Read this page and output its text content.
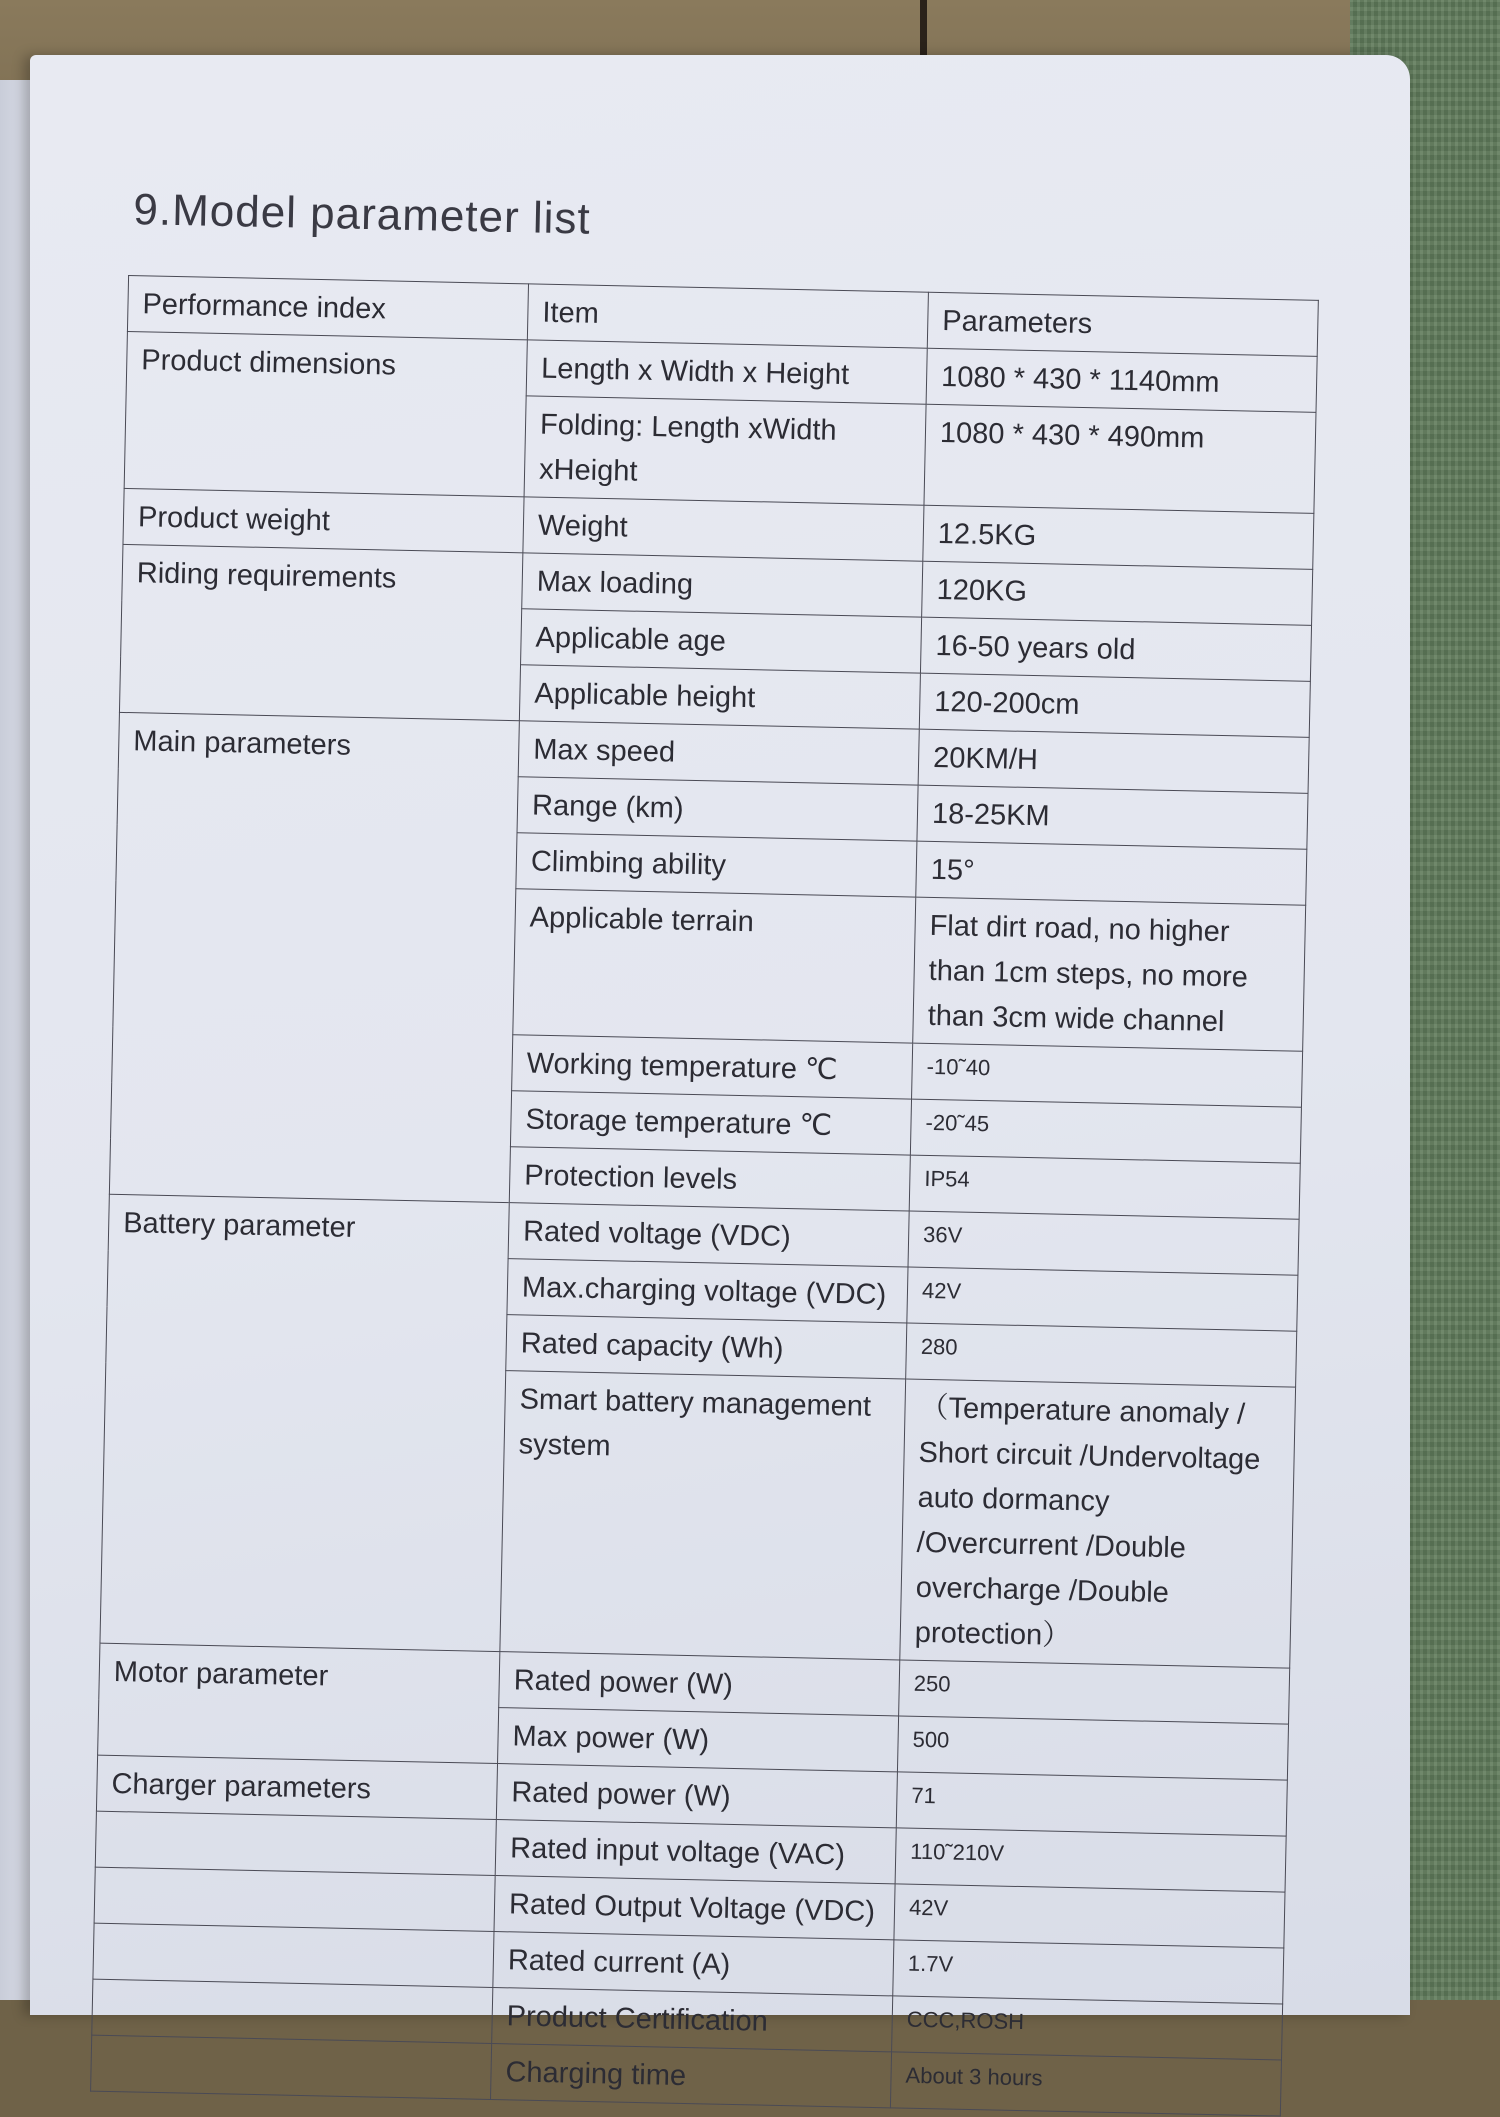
9.Model parameter list
Performance index	Item	Parameters
Product dimensions	Length x Width x Height	1080 * 430 * 1140mm
	Folding: Length xWidth xHeight	1080 * 430 * 490mm
Product weight	Weight	12.5KG
Riding requirements	Max loading	120KG
	Applicable age	16-50 years old
	Applicable height	120-200cm
Main parameters	Max speed	20KM/H
	Range (km)	18-25KM
	Climbing ability	15°
	Applicable terrain	Flat dirt road, no higher than 1cm steps, no more than 3cm wide channel
	Working temperature ℃	-10˜40
	Storage temperature ℃	-20˜45
	Protection levels	IP54
Battery parameter	Rated voltage (VDC)	36V
	Max.charging voltage (VDC)	42V
	Rated capacity (Wh)	280
	Smart battery management system	（Temperature anomaly / Short circuit /Undervoltage auto dormancy /Overcurrent /Double overcharge /Double protection）
Motor parameter	Rated power (W)	250
	Max power (W)	500
Charger parameters	Rated power (W)	71
	Rated input voltage (VAC)	110˜210V
	Rated Output Voltage (VDC)	42V
	Rated current (A)	1.7V
	Product Certification	CCC,ROSH
	Charging time	About 3 hours
